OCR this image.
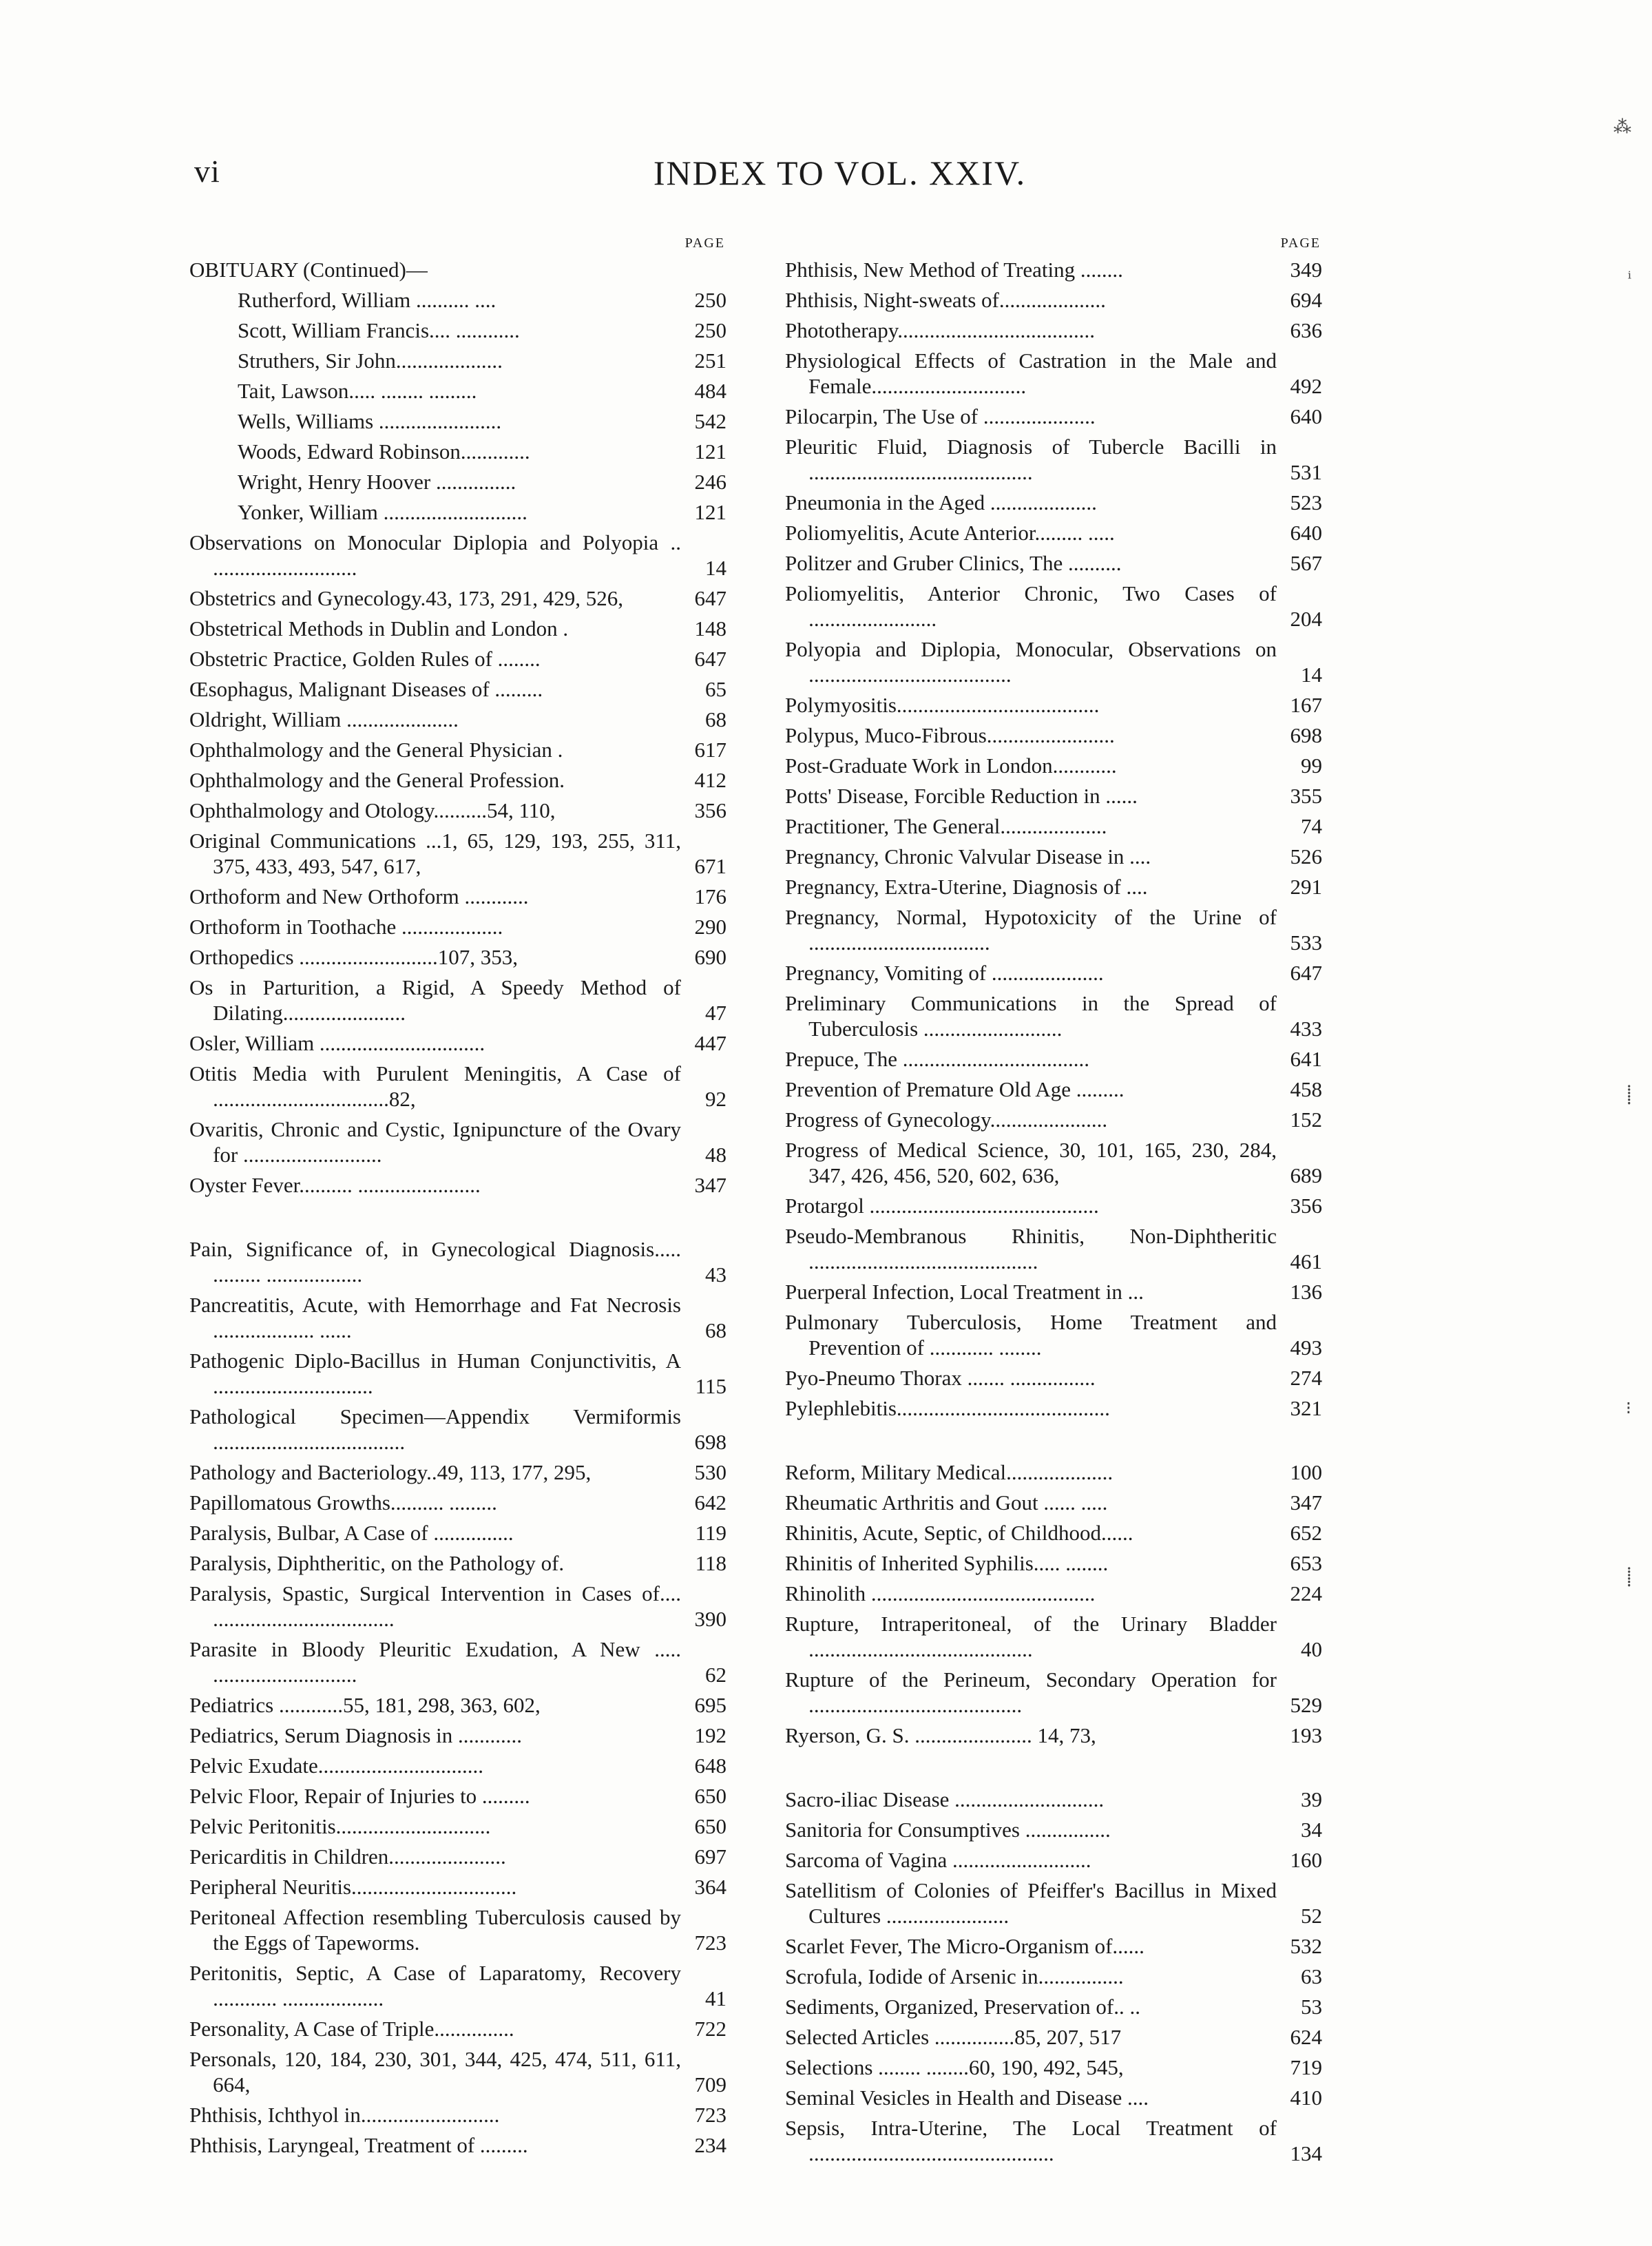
vi	INDEX TO VOL. XXIV.
PAGE
OBITUARY (Continued)—
Rutherford, William .......... ....	250
Scott, William Francis.... ............	250
Struthers, Sir John....................	251
Tait, Lawson..... ........ .........	484
Wells, Williams .......................	542
Woods, Edward Robinson.............	121
Wright, Henry Hoover ...............	246
Yonker, William ...........................	121
Observations on Monocular Diplopia and Polyopia .. ...........................	14
Obstetrics and Gynecology.43, 173, 291, 429, 526,	647
Obstetrical Methods in Dublin and London .	148
Obstetric Practice, Golden Rules of ........	647
Œsophagus, Malignant Diseases of .........	65
Oldright, William .....................	68
Ophthalmology and the General Physician .	617
Ophthalmology and the General Profession.	412
Ophthalmology and Otology..........54, 110,	356
Original Communications ...1, 65, 129, 193, 255, 311, 375, 433, 493, 547, 617,	671
Orthoform and New Orthoform ............	176
Orthoform in Toothache ...................	290
Orthopedics ..........................107, 353,	690
Os in Parturition, a Rigid, A Speedy Method of Dilating.......................	47
Osler, William ...............................	447
Otitis Media with Purulent Meningitis, A Case of .................................82,	92
Ovaritis, Chronic and Cystic, Ignipuncture of the Ovary for ..........................	48
Oyster Fever.......... .......................	347
Pain, Significance of, in Gynecological Diagnosis..... ......... ..................	43
Pancreatitis, Acute, with Hemorrhage and Fat Necrosis ................... ......	68
Pathogenic Diplo-Bacillus in Human Conjunctivitis, A ..............................	115
Pathological Specimen—Appendix Vermiformis ....................................	698
Pathology and Bacteriology..49, 113, 177, 295,	530
Papillomatous Growths.......... .........	642
Paralysis, Bulbar, A Case of ...............	119
Paralysis, Diphtheritic, on the Pathology of.	118
Paralysis, Spastic, Surgical Intervention in Cases of.... ..................................	390
Parasite in Bloody Pleuritic Exudation, A New ..... ...........................	62
Pediatrics ............55, 181, 298, 363, 602,	695
Pediatrics, Serum Diagnosis in ............	192
Pelvic Exudate...............................	648
Pelvic Floor, Repair of Injuries to .........	650
Pelvic Peritonitis.............................	650
Pericarditis in Children......................	697
Peripheral Neuritis...............................	364
Peritoneal Affection resembling Tuberculosis caused by the Eggs of Tapeworms.	723
Peritonitis, Septic, A Case of Laparatomy, Recovery ............ ...................	41
Personality, A Case of Triple...............	722
Personals, 120, 184, 230, 301, 344, 425, 474, 511, 611, 664,	709
Phthisis, Ichthyol in..........................	723
Phthisis, Laryngeal, Treatment of .........	234
PAGE
Phthisis, New Method of Treating ........	349
Phthisis, Night-sweats of....................	694
Phototherapy.....................................	636
Physiological Effects of Castration in the Male and Female.............................	492
Pilocarpin, The Use of .....................	640
Pleuritic Fluid, Diagnosis of Tubercle Bacilli in ..........................................	531
Pneumonia in the Aged ....................	523
Poliomyelitis, Acute Anterior......... .....	640
Politzer and Gruber Clinics, The ..........	567
Poliomyelitis, Anterior Chronic, Two Cases of ........................	204
Polyopia and Diplopia, Monocular, Observations on ......................................	14
Polymyositis......................................	167
Polypus, Muco-Fibrous........................	698
Post-Graduate Work in London............	99
Potts' Disease, Forcible Reduction in ......	355
Practitioner, The General....................	74
Pregnancy, Chronic Valvular Disease in ....	526
Pregnancy, Extra-Uterine, Diagnosis of ....	291
Pregnancy, Normal, Hypotoxicity of the Urine of ..................................	533
Pregnancy, Vomiting of .....................	647
Preliminary Communications in the Spread of Tuberculosis ..........................	433
Prepuce, The ...................................	641
Prevention of Premature Old Age .........	458
Progress of Gynecology......................	152
Progress of Medical Science, 30, 101, 165, 230, 284, 347, 426, 456, 520, 602, 636,	689
Protargol ...........................................	356
Pseudo-Membranous Rhinitis, Non-Diphtheritic ...........................................	461
Puerperal Infection, Local Treatment in ...	136
Pulmonary Tuberculosis, Home Treatment and Prevention of ............ ........	493
Pyo-Pneumo Thorax ....... ................	274
Pylephlebitis........................................	321
Reform, Military Medical....................	100
Rheumatic Arthritis and Gout ...... .....	347
Rhinitis, Acute, Septic, of Childhood......	652
Rhinitis of Inherited Syphilis..... ........	653
Rhinolith ..........................................	224
Rupture, Intraperitoneal, of the Urinary Bladder ..........................................	40
Rupture of the Perineum, Secondary Operation for ........................................	529
Ryerson, G. S. ...................... 14, 73,	193
Sacro-iliac Disease ............................	39
Sanitoria for Consumptives ................	34
Sarcoma of Vagina ..........................	160
Satellitism of Colonies of Pfeiffer's Bacillus in Mixed Cultures .......................	52
Scarlet Fever, The Micro-Organism of......	532
Scrofula, Iodide of Arsenic in................	63
Sediments, Organized, Preservation of.. ..	53
Selected Articles ...............85, 207, 517	624
Selections ........ ........60, 190, 492, 545,	719
Seminal Vesicles in Health and Disease ....	410
Sepsis, Intra-Uterine, The Local Treatment of ..............................................	134
⁂
ⁱ
⸽
⁝
⸽
